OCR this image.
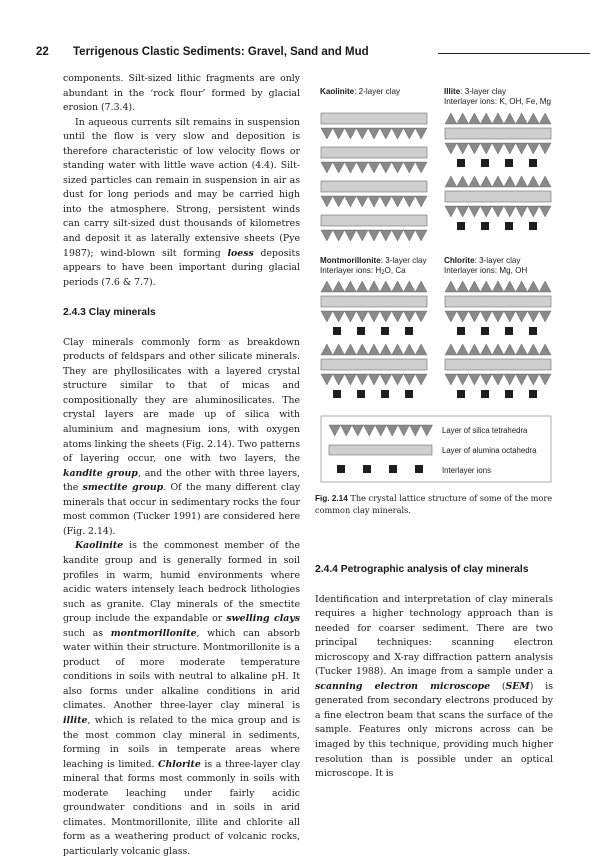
22 Terrigenous Clastic Sediments: Gravel, Sand and Mud

components. Silt-sized lithic fragments are only abundant in the ‘rock flour’ formed by glacial erosion (7.3.4).

In aqueous currents silt remains in suspension until the flow is very slow and deposition is therefore characteristic of low velocity flows or standing water with little wave action (4.4). Silt-sized particles can remain in suspension in air as dust for long periods and may be carried high into the atmosphere. Strong, persistent winds can carry silt-sized dust thousands of kilometres and deposit it as laterally extensive sheets (Pye 1987); wind-blown silt forming loess deposits appears to have been important during glacial periods (7.6 & 7.7).

2.4.3 Clay minerals

Clay minerals commonly form as breakdown products of feldspars and other silicate minerals. They are phyllosilicates with a layered crystal structure similar to that of micas and compositionally they are aluminosilicates. The crystal layers are made up of silica with aluminium and magnesium ions, with oxygen atoms linking the sheets (Fig. 2.14). Two patterns of layering occur, one with two layers, the kandite group, and the other with three layers, the smectite group. Of the many different clay minerals that occur in sedimentary rocks the four most common (Tucker 1991) are considered here (Fig. 2.14).

Kaolinite is the commonest member of the kandite group and is generally formed in soil profiles in warm, humid environments where acidic waters intensely leach bedrock lithologies such as granite. Clay minerals of the smectite group include the expandable or swelling clays such as montmorillonite, which can absorb water within their structure. Montmorillonite is a product of more moderate temperature conditions in soils with neutral to alkaline pH. It also forms under alkaline conditions in arid climates. Another three-layer clay mineral is illite, which is related to the mica group and is the most common clay mineral in sediments, forming in soils in temperate areas where leaching is limited. Chlorite is a three-layer clay mineral that forms most commonly in soils with moderate leaching under fairly acidic groundwater conditions and in soils in arid climates. Montmorillonite, illite and chlorite all form as a weathering product of volcanic rocks, particularly volcanic glass.

Kaolinite: 2-layer clay	Illite: 3-layer clay
Interlayer ions: K, OH, Fe, Mg
Montmorillonite: 3-layer clay
Interlayer ions: $H_2O$, Ca
Chlorite: 3-layer clay
Interlayer ions: Mg, OH
Layer of silica tetrahedra
Layer of alumina octahedra
Interlayer ions
Fig. 2.14 The crystal lattice structure of some of the more common clay minerals.

2.4.4 Petrographic analysis of clay minerals

Identification and interpretation of clay minerals requires a higher technology approach than is needed for coarser sediment. There are two principal techniques: scanning electron microscopy and X-ray diffraction pattern analysis (Tucker 1988). An image from a sample under a scanning electron microscope (SEM) is generated from secondary electrons produced by a fine electron beam that scans the surface of the sample. Features only microns across can be imaged by this technique, providing much higher resolution than is possible under an optical microscope. It is
